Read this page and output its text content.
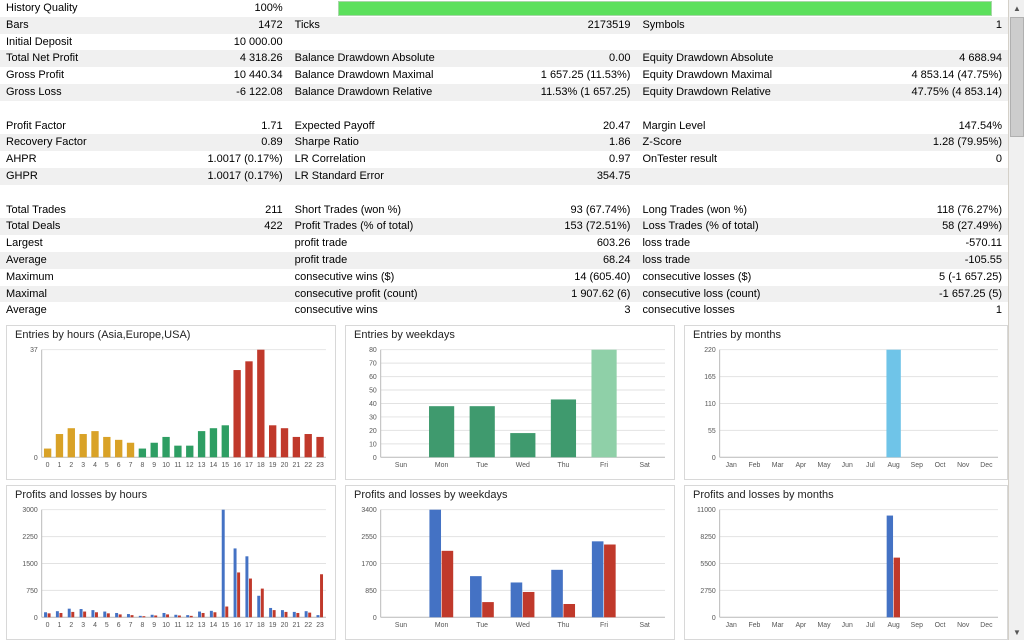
History Quality	100%				
Bars	1472	Ticks	2173519	Symbols	1
Initial Deposit	10 000.00				
Total Net Profit	4 318.26	Balance Drawdown Absolute	0.00	Equity Drawdown Absolute	4 688.94
Gross Profit	10 440.34	Balance Drawdown Maximal	1 657.25 (11.53%)	Equity Drawdown Maximal	4 853.14 (47.75%)
Gross Loss	-6 122.08	Balance Drawdown Relative	11.53% (1 657.25)	Equity Drawdown Relative	47.75% (4 853.14)

Profit Factor	1.71	Expected Payoff	20.47	Margin Level	147.54%
Recovery Factor	0.89	Sharpe Ratio	1.86	Z-Score	1.28 (79.95%)
AHPR	1.0017 (0.17%)	LR Correlation	0.97	OnTester result	0
GHPR	1.0017 (0.17%)	LR Standard Error	354.75		

Total Trades	211	Short Trades (won %)	93 (67.74%)	Long Trades (won %)	118 (76.27%)
Total Deals	422	Profit Trades (% of total)	153 (72.51%)	Loss Trades (% of total)	58 (27.49%)
Largest		profit trade	603.26	loss trade	-570.11
Average		profit trade	68.24	loss trade	-105.55
Maximum		consecutive wins ($)	14 (605.40)	consecutive losses ($)	5 (-1 657.25)
Maximal		consecutive profit (count)	1 907.62 (6)	consecutive loss (count)	-1 657.25 (5)
Average		consecutive wins	3	consecutive losses	1
Entries by hours (Asia,Europe,USA)
37
0
0 1 2 3 4 5 6 7 8 9 10 11 12 13 14 15 16 17 18 19 20 21 22 23
Entries by weekdays
80
70
60
50
40
30
20
10
0
Sun	Mon	Tue	Wed	Thu	Fri	Sat
Entries by months
220
165
110
55
0
Jan Feb Mar Apr May Jun Jul Aug Sep Oct Nov Dec
Profits and losses by hours
3000
2250
1500
750
0
0 1 2 3 4 5 6 7 8 9 10 11 12 13 14 15 16 17 18 19 20 21 22 23
Profits and losses by weekdays
3400
2550
1700
850
0
Sun	Mon	Tue	Wed	Thu	Fri	Sat
Profits and losses by months
11000
8250
5500
2750
0
Jan Feb Mar Apr May Jun Jul Aug Sep Oct Nov Dec
▲
▼
